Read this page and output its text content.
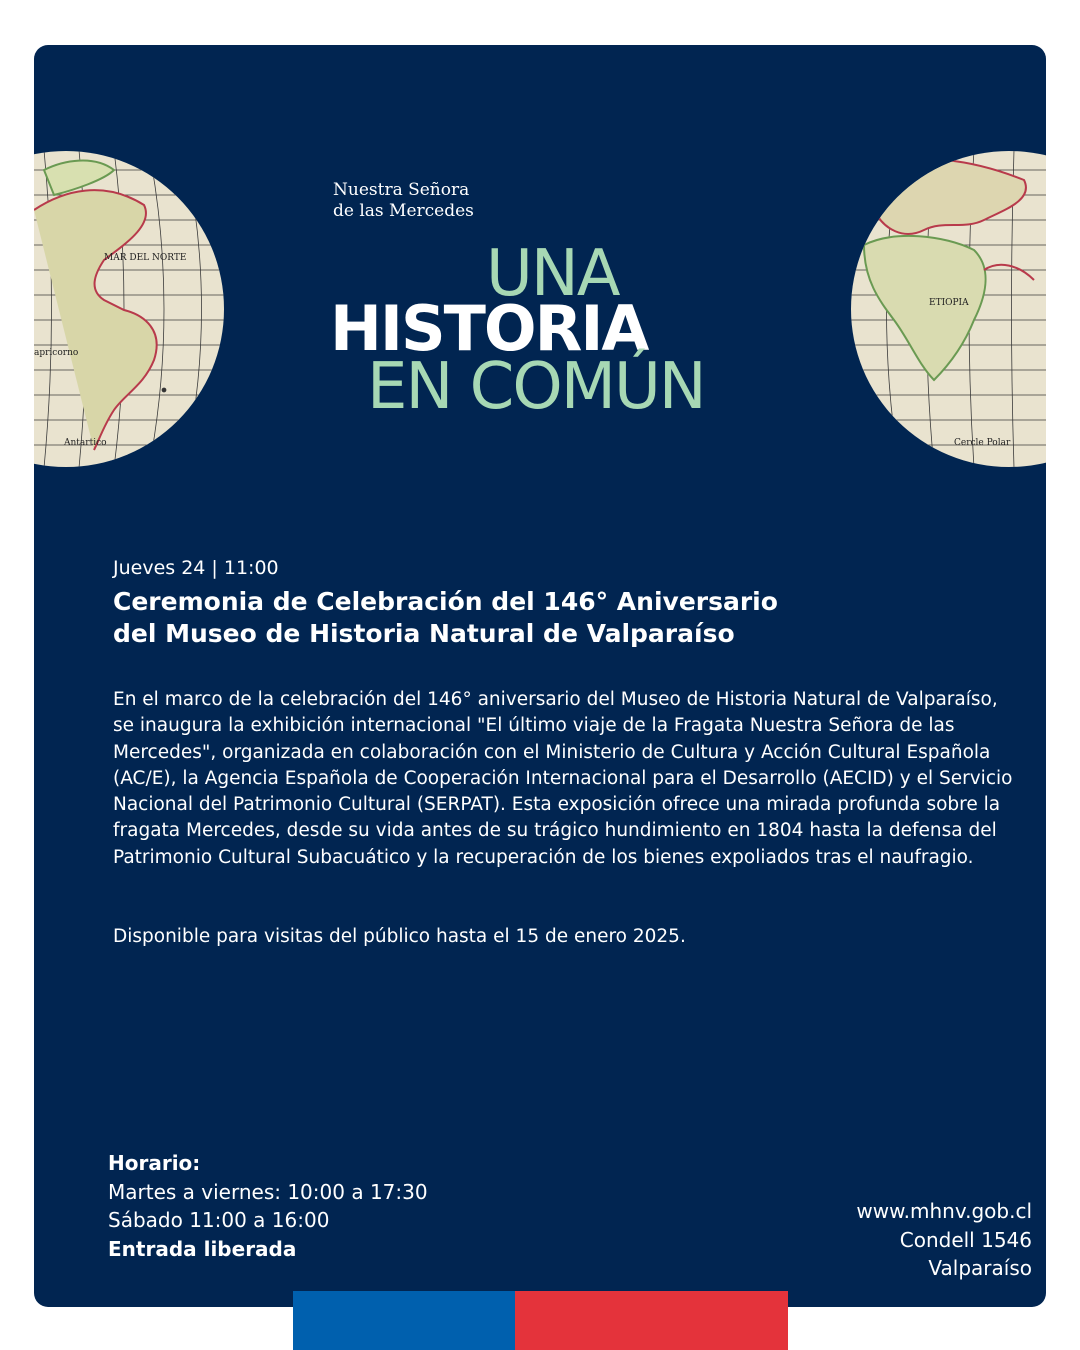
MAR DEL NORTE
apricorno
Antartico
ETIOPIA
Cercle Polar
Nuestra Señora
de las Mercedes
UNA
HISTORIA
EN COMÚN
Jueves 24 | 11:00
Ceremonia de Celebración del 146° Aniversario
del Museo de Historia Natural de Valparaíso

En el marco de la celebración del 146° aniversario del Museo de Historia Natural de Valparaíso, se inaugura la exhibición internacional "El último viaje de la Fragata Nuestra Señora de las Mercedes", organizada en colaboración con el Ministerio de Cultura y Acción Cultural Española (AC/E), la Agencia Española de Cooperación Internacional para el Desarrollo (AECID) y el Servicio Nacional del Patrimonio Cultural (SERPAT). Esta exposición ofrece una mirada profunda sobre la fragata Mercedes, desde su vida antes de su trágico hundimiento en 1804 hasta la defensa del Patrimonio Cultural Subacuático y la recuperación de los bienes expoliados tras el naufragio.

Disponible para visitas del público hasta el 15 de enero 2025.
Horario:
Martes a viernes: 10:00 a 17:30
Sábado 11:00 a 16:00
Entrada liberada
www.mhnv.gob.cl
Condell 1546
Valparaíso
